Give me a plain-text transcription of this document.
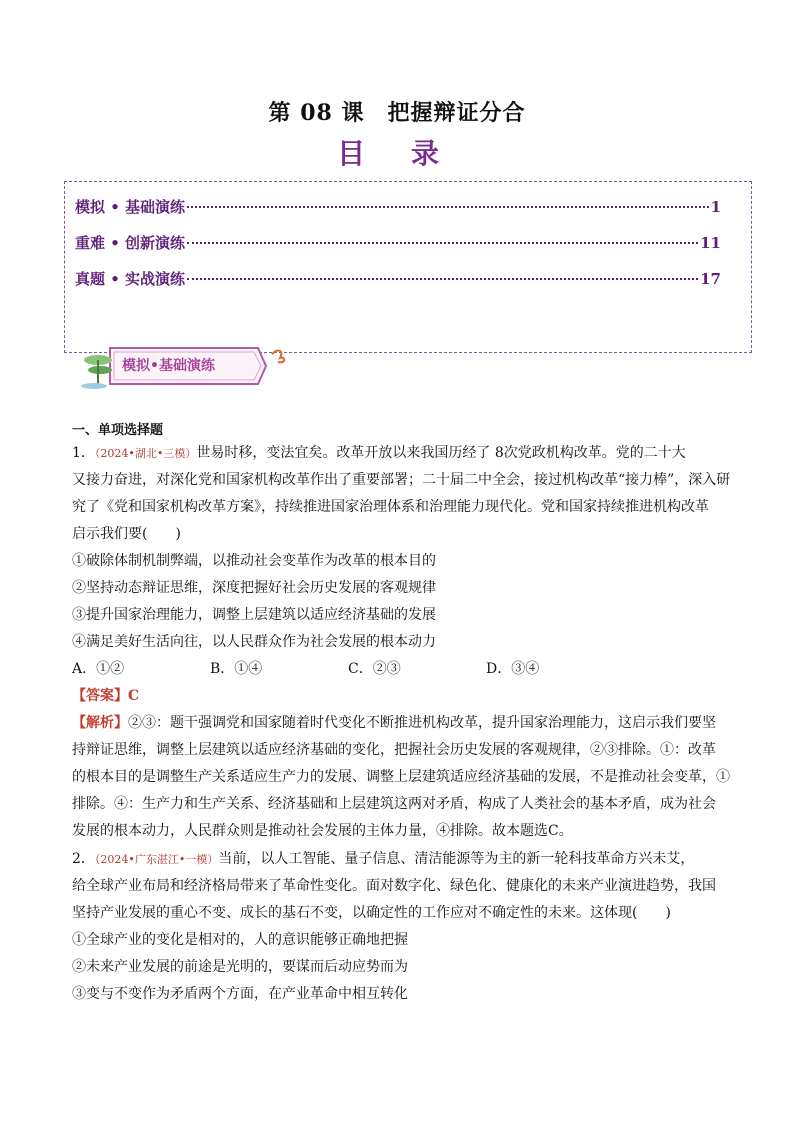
第 08 课　把握辩证分合
目 录
模拟 • 基础演练	1
重难 • 创新演练	11
真题 • 实战演练	17
模拟•基础演练
一、单项选择题
1．（2024•湖北•三模）世易时移，变法宜矣。改革开放以来我国历经了 8次党政机构改革。党的二十大
又接力奋进，对深化党和国家机构改革作出了重要部署；二十届二中全会，接过机构改革“接力棒”，深入研
究了《党和国家机构改革方案》，持续推进国家治理体系和治理能力现代化。党和国家持续推进机构改革
启示我们要(　　)
①破除体制机制弊端，以推动社会变革作为改革的根本目的
②坚持动态辩证思维，深度把握好社会历史发展的客观规律
③提升国家治理能力，调整上层建筑以适应经济基础的发展
④满足美好生活向往，以人民群众作为社会发展的根本动力
A．①②	B．①④	C．②③	D．③④
【答案】C
【解析】②③：题干强调党和国家随着时代变化不断推进机构改革，提升国家治理能力，这启示我们要坚
持辩证思维，调整上层建筑以适应经济基础的变化，把握社会历史发展的客观规律，②③排除。①：改革
的根本目的是调整生产关系适应生产力的发展、调整上层建筑适应经济基础的发展，不是推动社会变革，①
排除。④：生产力和生产关系、经济基础和上层建筑这两对矛盾，构成了人类社会的基本矛盾，成为社会
发展的根本动力，人民群众则是推动社会发展的主体力量，④排除。故本题选C。
2．（2024•广东湛江•一模）当前，以人工智能、量子信息、清洁能源等为主的新一轮科技革命方兴未艾，
给全球产业布局和经济格局带来了革命性变化。面对数字化、绿色化、健康化的未来产业演进趋势，我国
坚持产业发展的重心不变、成长的基石不变，以确定性的工作应对不确定性的未来。这体现(　　)
①全球产业的变化是相对的，人的意识能够正确地把握
②未来产业发展的前途是光明的，要谋而后动应势而为
③变与不变作为矛盾两个方面，在产业革命中相互转化
